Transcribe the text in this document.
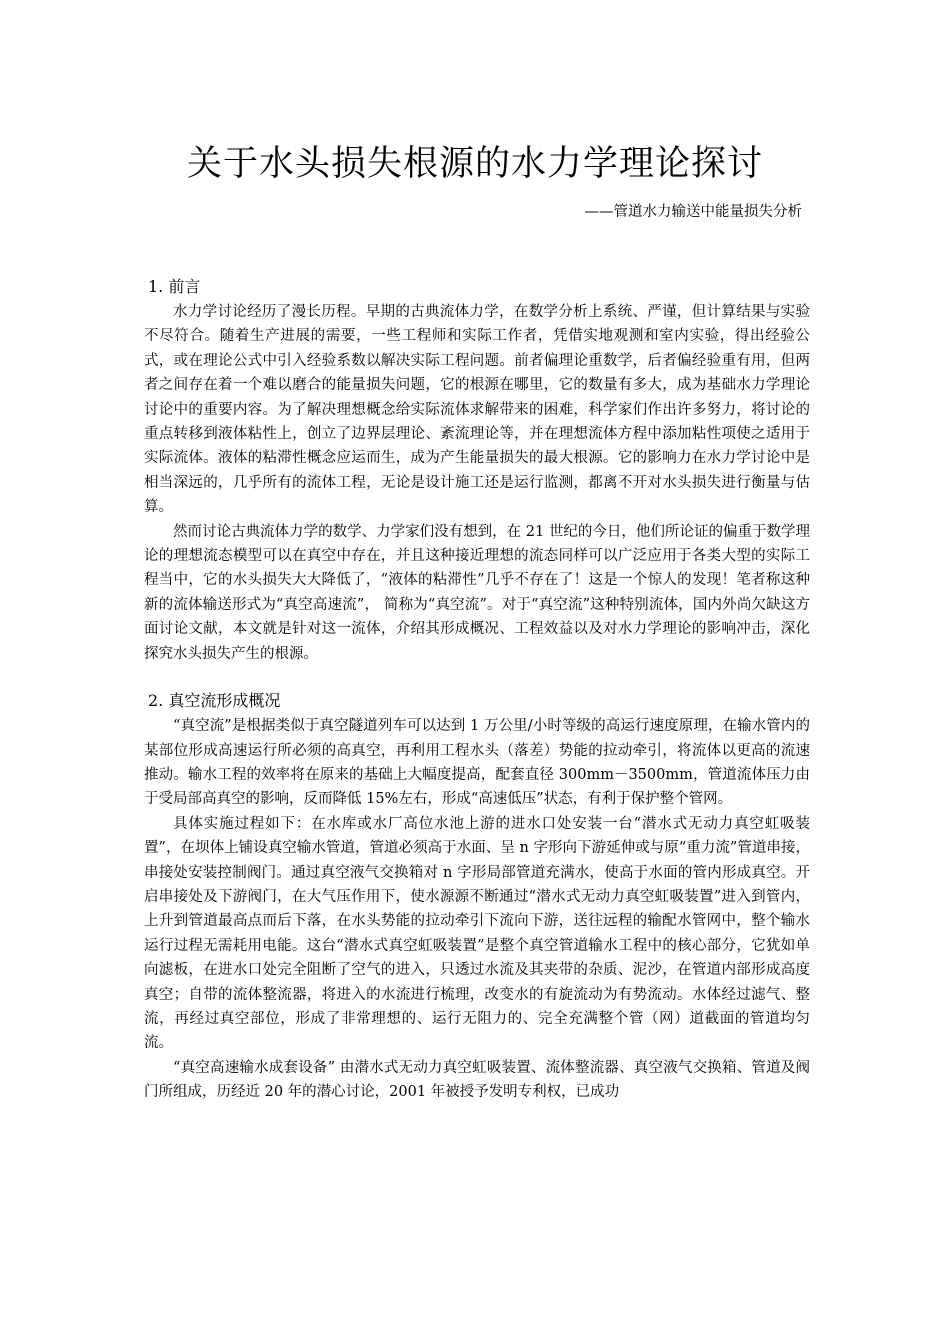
关于水头损失根源的水力学理论探讨

——管道水力输送中能量损失分析

1. 前言

水力学讨论经历了漫长历程。早期的古典流体力学，在数学分析上系统、严谨，但计算结果与实验不尽符合。随着生产进展的需要，一些工程师和实际工作者，凭借实地观测和室内实验，得出经验公式，或在理论公式中引入经验系数以解决实际工程问题。前者偏理论重数学，后者偏经验重有用，但两者之间存在着一个难以磨合的能量损失问题，它的根源在哪里，它的数量有多大，成为基础水力学理论讨论中的重要内容。为了解决理想概念给实际流体求解带来的困难，科学家们作出许多努力，将讨论的重点转移到液体粘性上，创立了边界层理论、紊流理论等，并在理想流体方程中添加粘性项使之适用于实际流体。液体的粘滞性概念应运而生，成为产生能量损失的最大根源。它的影响力在水力学讨论中是相当深远的，几乎所有的流体工程，无论是设计施工还是运行监测，都离不开对水头损失进行衡量与估算。

然而讨论古典流体力学的数学、力学家们没有想到，在 21 世纪的今日，他们所论证的偏重于数学理论的理想流态模型可以在真空中存在，并且这种接近理想的流态同样可以广泛应用于各类大型的实际工程当中，它的水头损失大大降低了，“液体的粘滞性”几乎不存在了！这是一个惊人的发现！笔者称这种新的流体输送形式为“真空高速流”， 简称为“真空流”。对于“真空流”这种特别流体，国内外尚欠缺这方面讨论文献，本文就是针对这一流体，介绍其形成概况、工程效益以及对水力学理论的影响冲击，深化探究水头损失产生的根源。

2. 真空流形成概况

“真空流”是根据类似于真空隧道列车可以达到 1 万公里/小时等级的高运行速度原理，在输水管内的某部位形成高速运行所必须的高真空，再利用工程水头（落差）势能的拉动牵引，将流体以更高的流速推动。输水工程的效率将在原来的基础上大幅度提高，配套直径 300mm－3500mm，管道流体压力由于受局部高真空的影响，反而降低 15%左右，形成“高速低压”状态，有利于保护整个管网。

具体实施过程如下：在水库或水厂高位水池上游的进水口处安装一台“潜水式无动力真空虹吸装置”，在坝体上铺设真空输水管道，管道必须高于水面、呈 n 字形向下游延伸或与原“重力流”管道串接，串接处安装控制阀门。通过真空液气交换箱对 n 字形局部管道充满水，使高于水面的管内形成真空。开启串接处及下游阀门，在大气压作用下，使水源源不断通过“潜水式无动力真空虹吸装置”进入到管内，上升到管道最高点而后下落，在水头势能的拉动牵引下流向下游，送往远程的输配水管网中，整个输水运行过程无需耗用电能。这台“潜水式真空虹吸装置”是整个真空管道输水工程中的核心部分，它犹如单向滤板，在进水口处完全阻断了空气的进入，只透过水流及其夹带的杂质、泥沙，在管道内部形成高度真空；自带的流体整流器，将进入的水流进行梳理，改变水的有旋流动为有势流动。水体经过滤气、整流，再经过真空部位，形成了非常理想的、运行无阻力的、完全充满整个管（网）道截面的管道均匀流。

“真空高速输水成套设备” 由潜水式无动力真空虹吸装置、流体整流器、真空液气交换箱、管道及阀门所组成，历经近 20 年的潜心讨论，2001 年被授予发明专利权，已成功
